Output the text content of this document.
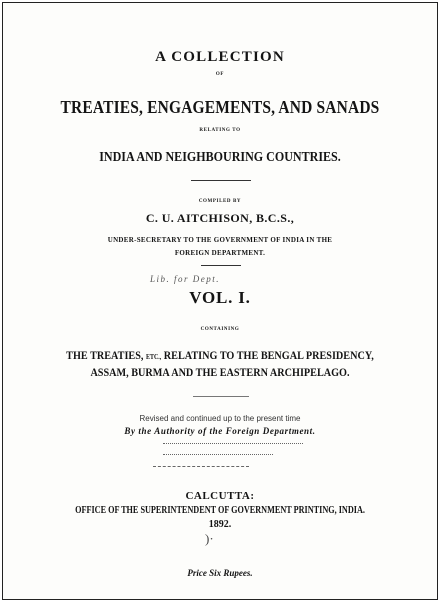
A COLLECTION
OF
TREATIES, ENGAGEMENTS, AND SANADS
RELATING TO
INDIA AND NEIGHBOURING COUNTRIES.
COMPILED BY
C. U. AITCHISON, B.C.S.,
UNDER-SECRETARY TO THE GOVERNMENT OF INDIA IN THE
FOREIGN DEPARTMENT.
Lib. for Dept.
VOL. I.
CONTAINING
THE TREATIES, ETC., RELATING TO THE BENGAL PRESIDENCY,
ASSAM, BURMA AND THE EASTERN ARCHIPELAGO.
Revised and continued up to the present time
By the Authority of the Foreign Department.
CALCUTTA:
OFFICE OF THE SUPERINTENDENT OF GOVERNMENT PRINTING, INDIA.
1892.
)·
Price Six Rupees.
